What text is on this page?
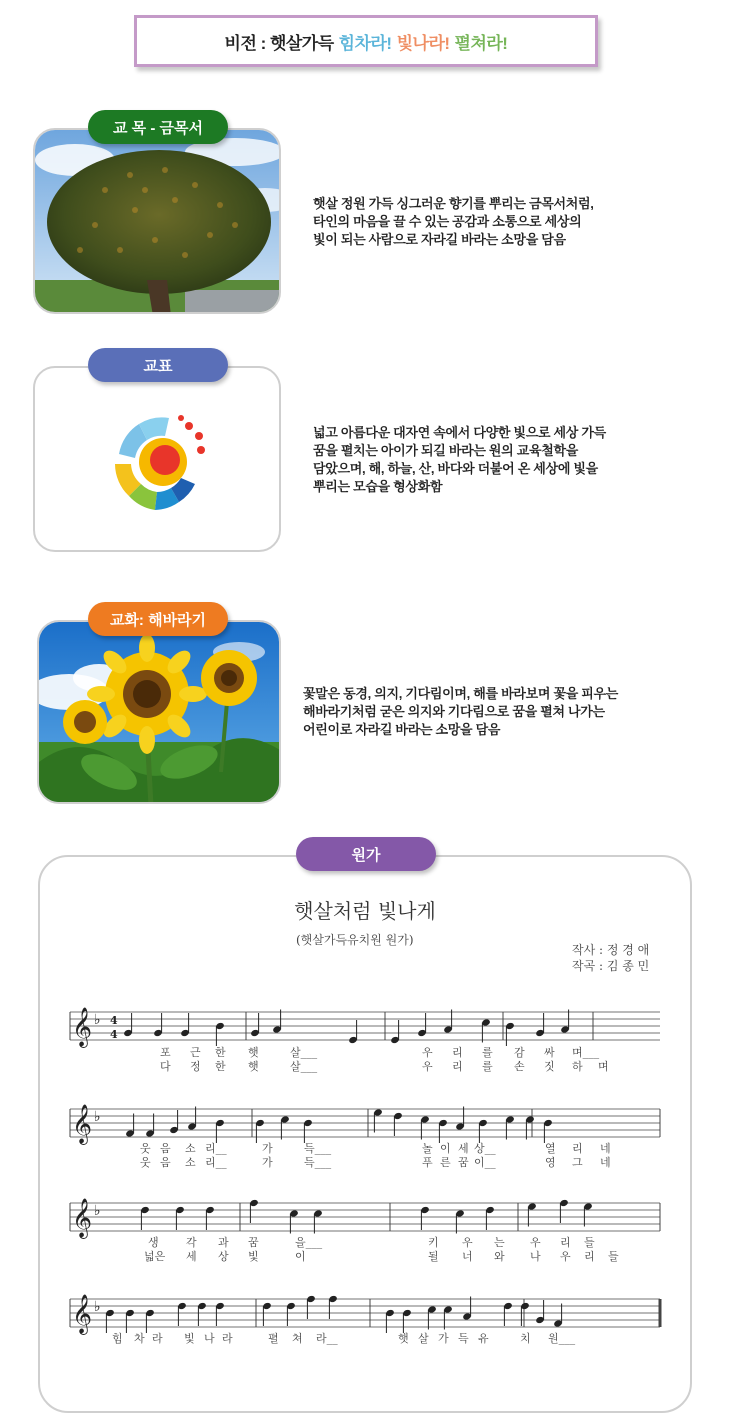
비전 : 햇살가득 힘차라! 빛나라! 펼쳐라!
교 목 - 금목서
햇살 정원 가득 싱그러운 향기를 뿌리는 금목서처럼,
타인의 마음을 끌 수 있는 공감과 소통으로 세상의
빛이 되는 사람으로 자라길 바라는 소망을 담음
교표
넓고 아름다운 대자연 속에서 다양한 빛으로 세상 가득
꿈을 펼치는 아이가 되길 바라는 원의 교육철학을
담았으며, 해, 하늘, 산, 바다와 더불어 온 세상에 빛을
뿌리는 모습을 형상화함
교화: 해바라기
꽃말은 동경, 의지, 기다림이며, 해를 바라보며 꽃을 피우는
해바라기처럼 굳은 의지와 기다림으로 꿈을 펼쳐 나가는
어린이로 자라길 바라는 소망을 담음
원가
햇살처럼 빛나게
(햇살가득유치원 원가)
작사 : 정 경 애
작곡 : 김 종 민
𝄞 ♭ 4
4
𝄞 ♭
𝄞 ♭
𝄞 ♭
포 근 한 햇	살___	우 리 를 감 싸 며___
다 정 한 햇	살___	우 리 를 손 짓 하 며
웃 음 소 리__	가	득___	놀 이 세 상__	열 리 네
웃 음 소 리__	가	득___	푸 른 꿈 이__	영 그 네
생 각 과 꿈	을___	키 우 는 우 리 들
넓은 세 상 빛	이	될 너 와 나 우 리 들
힘 차 라 빛 나 라	펼 쳐 라__	햇 살 가 득 유	치 원___
